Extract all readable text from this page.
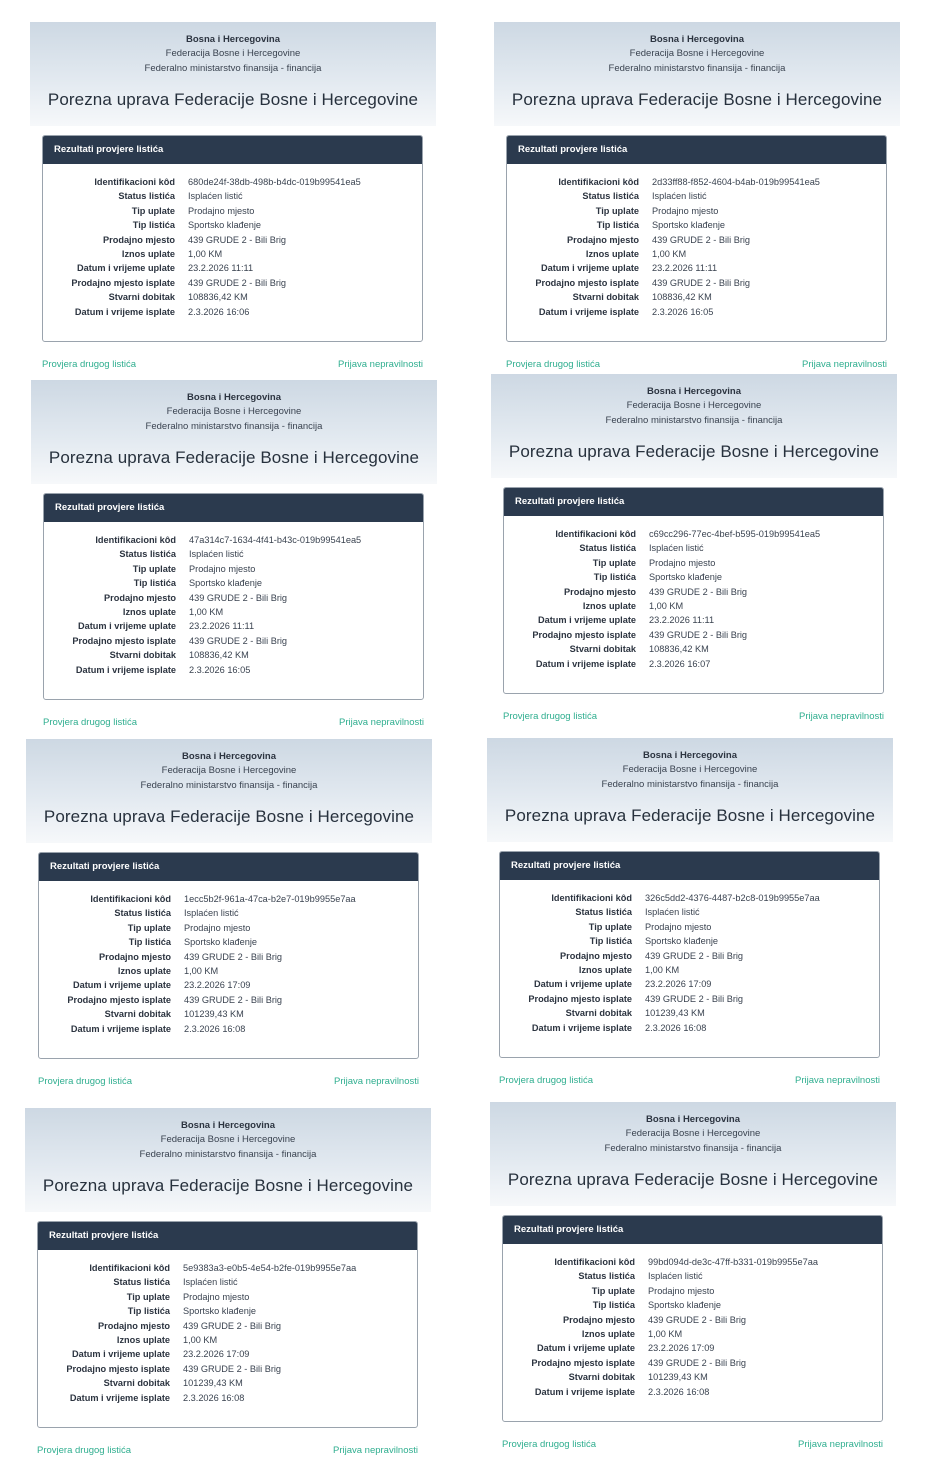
Bosna i Hercegovina
Federacija Bosne i Hercegovine
Federalno ministarstvo finansija - financija
Porezna uprava Federacije Bosne i Hercegovine
Rezultati provjere listića
Identifikacioni kôd	680de24f-38db-498b-b4dc-019b99541ea5
Status listića	Isplaćen listić
Tip uplate	Prodajno mjesto
Tip listića	Sportsko klađenje
Prodajno mjesto	439 GRUDE 2 - Bili Brig
Iznos uplate	1,00 KM
Datum i vrijeme uplate	23.2.2026 11:11
Prodajno mjesto isplate	439 GRUDE 2 - Bili Brig
Stvarni dobitak	108836,42 KM
Datum i vrijeme isplate	2.3.2026 16:06
Provjera drugog listića	Prijava nepravilnosti
Bosna i Hercegovina
Federacija Bosne i Hercegovine
Federalno ministarstvo finansija - financija
Porezna uprava Federacije Bosne i Hercegovine
Rezultati provjere listića
Identifikacioni kôd	2d33ff88-f852-4604-b4ab-019b99541ea5
Status listića	Isplaćen listić
Tip uplate	Prodajno mjesto
Tip listića	Sportsko klađenje
Prodajno mjesto	439 GRUDE 2 - Bili Brig
Iznos uplate	1,00 KM
Datum i vrijeme uplate	23.2.2026 11:11
Prodajno mjesto isplate	439 GRUDE 2 - Bili Brig
Stvarni dobitak	108836,42 KM
Datum i vrijeme isplate	2.3.2026 16:05
Provjera drugog listića	Prijava nepravilnosti
Bosna i Hercegovina
Federacija Bosne i Hercegovine
Federalno ministarstvo finansija - financija
Porezna uprava Federacije Bosne i Hercegovine
Rezultati provjere listića
Identifikacioni kôd	47a314c7-1634-4f41-b43c-019b99541ea5
Status listića	Isplaćen listić
Tip uplate	Prodajno mjesto
Tip listića	Sportsko klađenje
Prodajno mjesto	439 GRUDE 2 - Bili Brig
Iznos uplate	1,00 KM
Datum i vrijeme uplate	23.2.2026 11:11
Prodajno mjesto isplate	439 GRUDE 2 - Bili Brig
Stvarni dobitak	108836,42 KM
Datum i vrijeme isplate	2.3.2026 16:05
Provjera drugog listića	Prijava nepravilnosti
Bosna i Hercegovina
Federacija Bosne i Hercegovine
Federalno ministarstvo finansija - financija
Porezna uprava Federacije Bosne i Hercegovine
Rezultati provjere listića
Identifikacioni kôd	c69cc296-77ec-4bef-b595-019b99541ea5
Status listića	Isplaćen listić
Tip uplate	Prodajno mjesto
Tip listića	Sportsko klađenje
Prodajno mjesto	439 GRUDE 2 - Bili Brig
Iznos uplate	1,00 KM
Datum i vrijeme uplate	23.2.2026 11:11
Prodajno mjesto isplate	439 GRUDE 2 - Bili Brig
Stvarni dobitak	108836,42 KM
Datum i vrijeme isplate	2.3.2026 16:07
Provjera drugog listića	Prijava nepravilnosti
Bosna i Hercegovina
Federacija Bosne i Hercegovine
Federalno ministarstvo finansija - financija
Porezna uprava Federacije Bosne i Hercegovine
Rezultati provjere listića
Identifikacioni kôd	1ecc5b2f-961a-47ca-b2e7-019b9955e7aa
Status listića	Isplaćen listić
Tip uplate	Prodajno mjesto
Tip listića	Sportsko klađenje
Prodajno mjesto	439 GRUDE 2 - Bili Brig
Iznos uplate	1,00 KM
Datum i vrijeme uplate	23.2.2026 17:09
Prodajno mjesto isplate	439 GRUDE 2 - Bili Brig
Stvarni dobitak	101239,43 KM
Datum i vrijeme isplate	2.3.2026 16:08
Provjera drugog listića	Prijava nepravilnosti
Bosna i Hercegovina
Federacija Bosne i Hercegovine
Federalno ministarstvo finansija - financija
Porezna uprava Federacije Bosne i Hercegovine
Rezultati provjere listića
Identifikacioni kôd	326c5dd2-4376-4487-b2c8-019b9955e7aa
Status listića	Isplaćen listić
Tip uplate	Prodajno mjesto
Tip listića	Sportsko klađenje
Prodajno mjesto	439 GRUDE 2 - Bili Brig
Iznos uplate	1,00 KM
Datum i vrijeme uplate	23.2.2026 17:09
Prodajno mjesto isplate	439 GRUDE 2 - Bili Brig
Stvarni dobitak	101239,43 KM
Datum i vrijeme isplate	2.3.2026 16:08
Provjera drugog listića	Prijava nepravilnosti
Bosna i Hercegovina
Federacija Bosne i Hercegovine
Federalno ministarstvo finansija - financija
Porezna uprava Federacije Bosne i Hercegovine
Rezultati provjere listića
Identifikacioni kôd	5e9383a3-e0b5-4e54-b2fe-019b9955e7aa
Status listića	Isplaćen listić
Tip uplate	Prodajno mjesto
Tip listića	Sportsko klađenje
Prodajno mjesto	439 GRUDE 2 - Bili Brig
Iznos uplate	1,00 KM
Datum i vrijeme uplate	23.2.2026 17:09
Prodajno mjesto isplate	439 GRUDE 2 - Bili Brig
Stvarni dobitak	101239,43 KM
Datum i vrijeme isplate	2.3.2026 16:08
Provjera drugog listića	Prijava nepravilnosti
Bosna i Hercegovina
Federacija Bosne i Hercegovine
Federalno ministarstvo finansija - financija
Porezna uprava Federacije Bosne i Hercegovine
Rezultati provjere listića
Identifikacioni kôd	99bd094d-de3c-47ff-b331-019b9955e7aa
Status listića	Isplaćen listić
Tip uplate	Prodajno mjesto
Tip listića	Sportsko klađenje
Prodajno mjesto	439 GRUDE 2 - Bili Brig
Iznos uplate	1,00 KM
Datum i vrijeme uplate	23.2.2026 17:09
Prodajno mjesto isplate	439 GRUDE 2 - Bili Brig
Stvarni dobitak	101239,43 KM
Datum i vrijeme isplate	2.3.2026 16:08
Provjera drugog listića	Prijava nepravilnosti
